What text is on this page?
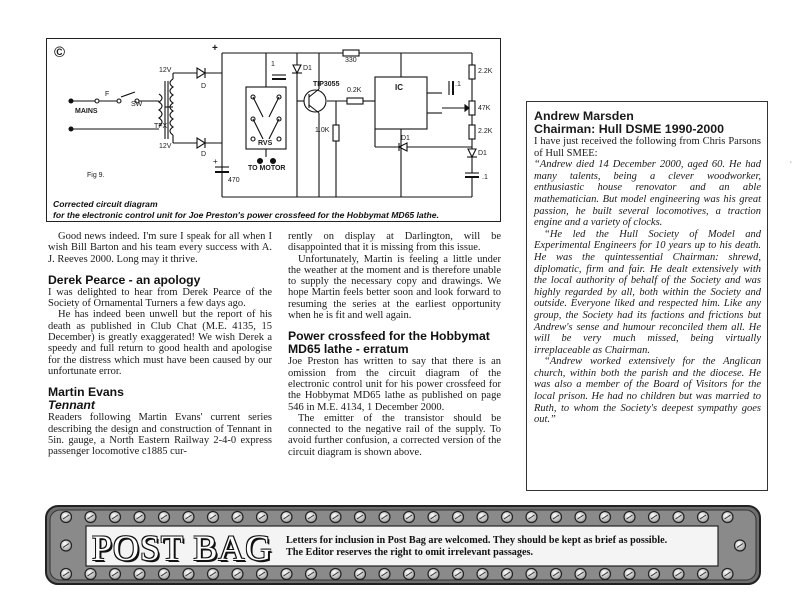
©
MAINS
F
SW
TFX
12V
12V
D
D
+
+
470
RVS
TO MOTOR
D1
1
TIP3055
330
0.2K
1.0K
IC
D1
.1
2.2K
47K
2.2K
D1
.1
Fig 9.
Corrected circuit diagram
for the electronic control unit for Joe Preston's power crossfeed for the Hobbymat MD65 lathe.

Good news indeed. I'm sure I speak for all when I wish Bill Barton and his team every success with A. J. Reeves 2000. Long may it thrive.

Derek Pearce - an apology

I was delighted to hear from Derek Pearce of the Society of Ornamental Turners a few days ago.

He has indeed been unwell but the report of his death as published in Club Chat (M.E. 4135, 15 December) is greatly exaggerated! We wish Derek a speedy and full return to good health and apologise for the distress which must have been caused by our unfortunate error.

Martin Evans
Tennant

Readers following Martin Evans' current series describing the design and construction of Tennant in 5in. gauge, a North Eastern Railway 2-4-0 express passenger locomotive c1885 cur-

rently on display at Darlington, will be disappointed that it is missing from this issue.

Unfortunately, Martin is feeling a little under the weather at the moment and is therefore unable to supply the necessary copy and drawings. We hope Martin feels better soon and look forward to resuming the series at the earliest opportunity when he is fit and well again.

Power crossfeed for the Hobbymat MD65 lathe - erratum

Joe Preston has written to say that there is an omission from the circuit diagram of the electronic control unit for his power crossfeed for the Hobbymat MD65 lathe as published on page 546 in M.E. 4134, 1 December 2000.

The emitter of the transistor should be connected to the negative rail of the supply. To avoid further confusion, a corrected version of the circuit diagram is shown above.

Andrew Marsden
Chairman: Hull DSME 1990-2000

I have just received the following from Chris Parsons of Hull SMEE:

“Andrew died 14 December 2000, aged 60. He had many talents, being a clever woodworker, enthusiastic house renovator and an able mathematician. But model engineering was his great passion, he built several locomotives, a traction engine and a variety of clocks.

“He led the Hull Society of Model and Experimental Engineers for 10 years up to his death. He was the quintessential Chairman: shrewd, diplomatic, firm and fair. He dealt extensively with the local authority of behalf of the Society and was highly regarded by all, both within the Society and outside. Everyone liked and respected him. Like any group, the Society had its factions and frictions but Andrew's sense and humour reconciled them all. He will be very much missed, being virtually irreplaceable as Chairman.

“Andrew worked extensively for the Anglican church, within both the parish and the diocese. He was also a member of the Board of Visitors for the local prison. He had no children but was married to Ruth, to whom the Society's deepest sympathy goes out.”

ʻ
POST BAG Letters for inclusion in Post Bag are welcomed. They should be kept as brief as possible.
The Editor reserves the right to omit irrelevant passages.
